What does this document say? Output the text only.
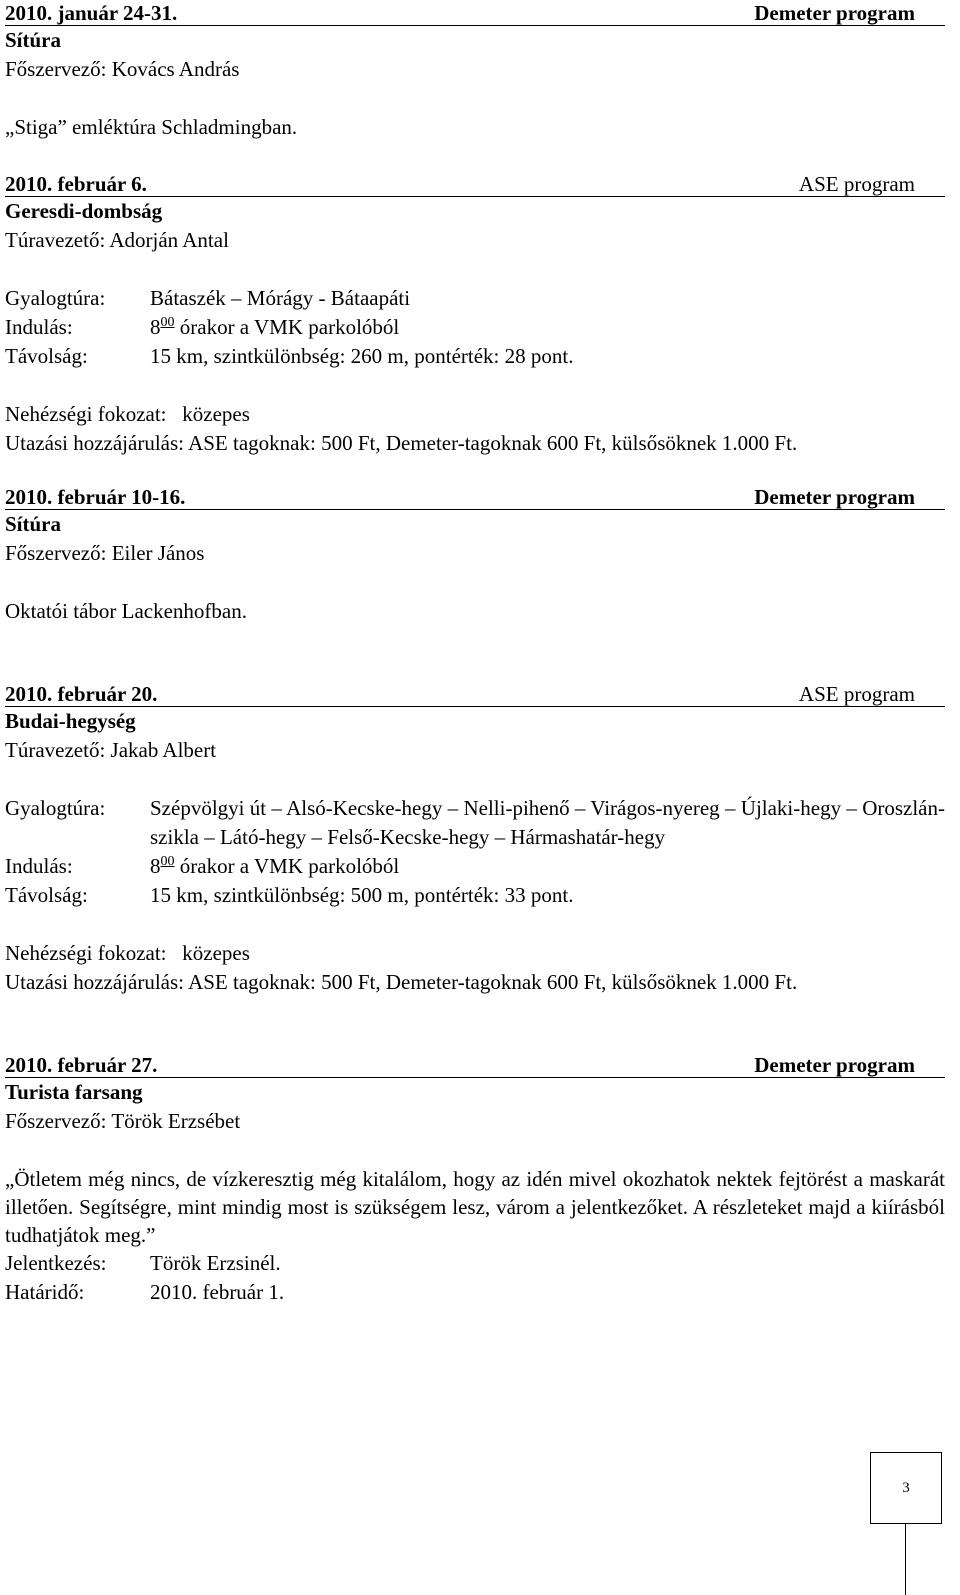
2010. január 24-31.	Demeter program
Sítúra
Főszervező: Kovács András
„Stiga” emléktúra Schladmingban.
2010. február 6.	ASE program
Geresdi-dombság
Túravezető: Adorján Antal
Gyalogtúra:	Bátaszék – Mórágy - Bátaapáti
Indulás:	$8^{00}$ órakor a VMK parkolóból
Távolság:	15 km, szintkülönbség: 260 m, pontérték: 28 pont.
Nehézségi fokozat: közepes
Utazási hozzájárulás: ASE tagoknak: 500 Ft, Demeter-tagoknak 600 Ft, külsősöknek 1.000 Ft.
2010. február 10-16.	Demeter program
Sítúra
Főszervező: Eiler János
Oktatói tábor Lackenhofban.
2010. február 20.	ASE program
Budai-hegység
Túravezető: Jakab Albert
Gyalogtúra:	Szépvölgyi út – Alsó-Kecske-hegy – Nelli-pihenő – Virágos-nyereg – Újlaki-hegy – Oroszlán-szikla – Látó-hegy – Felső-Kecske-hegy – Hármashatár-hegy
Indulás:	$8^{00}$ órakor a VMK parkolóból
Távolság:	15 km, szintkülönbség: 500 m, pontérték: 33 pont.
Nehézségi fokozat: közepes
Utazási hozzájárulás: ASE tagoknak: 500 Ft, Demeter-tagoknak 600 Ft, külsősöknek 1.000 Ft.
2010. február 27.	Demeter program
Turista farsang
Főszervező: Török Erzsébet
„Ötletem még nincs, de vízkeresztig még kitalálom, hogy az idén mivel okozhatok nektek fejtörést a maskarát illetően. Segítségre, mint mindig most is szükségem lesz, várom a jelentkezőket. A részleteket majd a kiírásból tudhatjátok meg.”
Jelentkezés:	Török Erzsinél.
Határidő:	2010. február 1.
3
